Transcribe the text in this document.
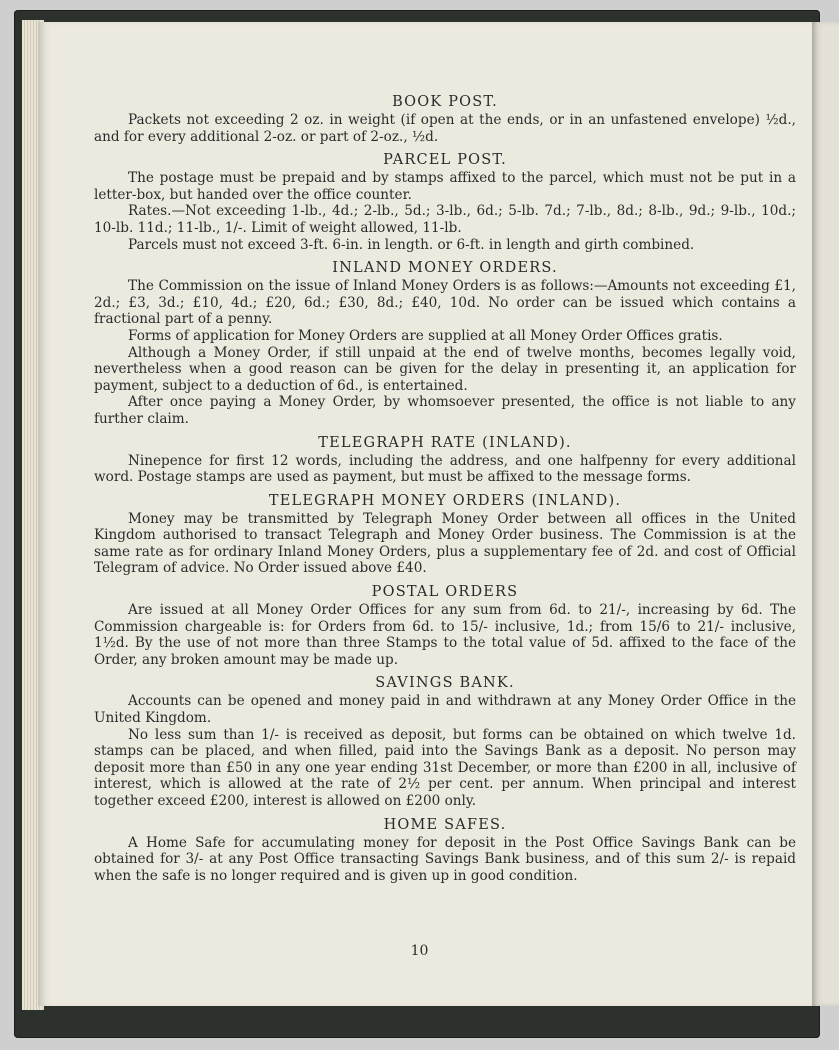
BOOK POST.

Packets not exceeding 2 oz. in weight (if open at the ends, or in an unfastened envelope) ½d., and for every additional 2-oz. or part of 2-oz., ½d.

PARCEL POST.

The postage must be prepaid and by stamps affixed to the parcel, which must not be put in a letter-box, but handed over the office counter.

Rates.—Not exceeding 1-lb., 4d.; 2-lb., 5d.; 3-lb., 6d.; 5-lb. 7d.; 7-lb., 8d.; 8-lb., 9d.; 9-lb., 10d.; 10-lb. 11d.; 11-lb., 1/-. Limit of weight allowed, 11-lb.

Parcels must not exceed 3-ft. 6-in. in length. or 6-ft. in length and girth combined.

INLAND MONEY ORDERS.

The Commission on the issue of Inland Money Orders is as follows:—Amounts not exceeding £1, 2d.; £3, 3d.; £10, 4d.; £20, 6d.; £30, 8d.; £40, 10d. No order can be issued which contains a fractional part of a penny.

Forms of application for Money Orders are supplied at all Money Order Offices gratis.

Although a Money Order, if still unpaid at the end of twelve months, becomes legally void, nevertheless when a good reason can be given for the delay in presenting it, an application for payment, subject to a deduction of 6d., is entertained.

After once paying a Money Order, by whomsoever presented, the office is not liable to any further claim.

TELEGRAPH RATE (INLAND).

Ninepence for first 12 words, including the address, and one halfpenny for every additional word. Postage stamps are used as payment, but must be affixed to the message forms.

TELEGRAPH MONEY ORDERS (INLAND).

Money may be transmitted by Telegraph Money Order between all offices in the United Kingdom authorised to transact Telegraph and Money Order business. The Commission is at the same rate as for ordinary Inland Money Orders, plus a supplementary fee of 2d. and cost of Official Telegram of advice. No Order issued above £40.

POSTAL ORDERS

Are issued at all Money Order Offices for any sum from 6d. to 21/-, increasing by 6d. The Commission chargeable is: for Orders from 6d. to 15/- inclusive, 1d.; from 15/6 to 21/- inclusive, 1½d. By the use of not more than three Stamps to the total value of 5d. affixed to the face of the Order, any broken amount may be made up.

SAVINGS BANK.

Accounts can be opened and money paid in and withdrawn at any Money Order Office in the United Kingdom.

No less sum than 1/- is received as deposit, but forms can be obtained on which twelve 1d. stamps can be placed, and when filled, paid into the Savings Bank as a deposit. No person may deposit more than £50 in any one year ending 31st December, or more than £200 in all, inclusive of interest, which is allowed at the rate of 2½ per cent. per annum. When principal and interest together exceed £200, interest is allowed on £200 only.

HOME SAFES.

A Home Safe for accumulating money for deposit in the Post Office Savings Bank can be obtained for 3/- at any Post Office transacting Savings Bank business, and of this sum 2/- is repaid when the safe is no longer required and is given up in good condition.

10
